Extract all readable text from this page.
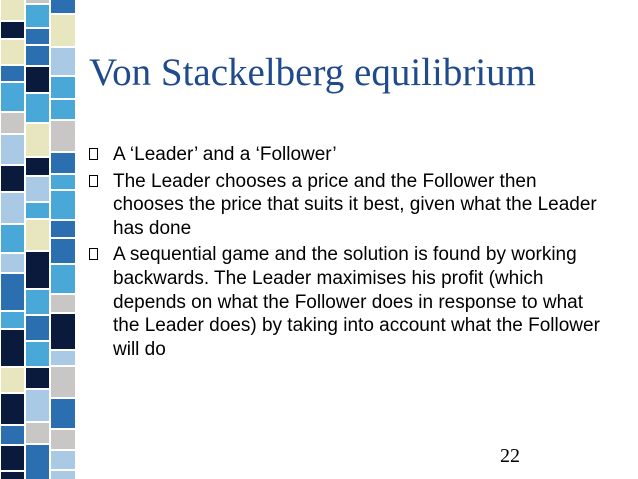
Von Stackelberg equilibrium
A ‘Leader’ and a ‘Follower’
The Leader chooses a price and the Follower then chooses the price that suits it best, given what the Leader has done
A sequential game and the solution is found by working backwards. The Leader maximises his profit (which depends on what the Follower does in response to what the Leader does) by taking into account what the Follower will do
22
